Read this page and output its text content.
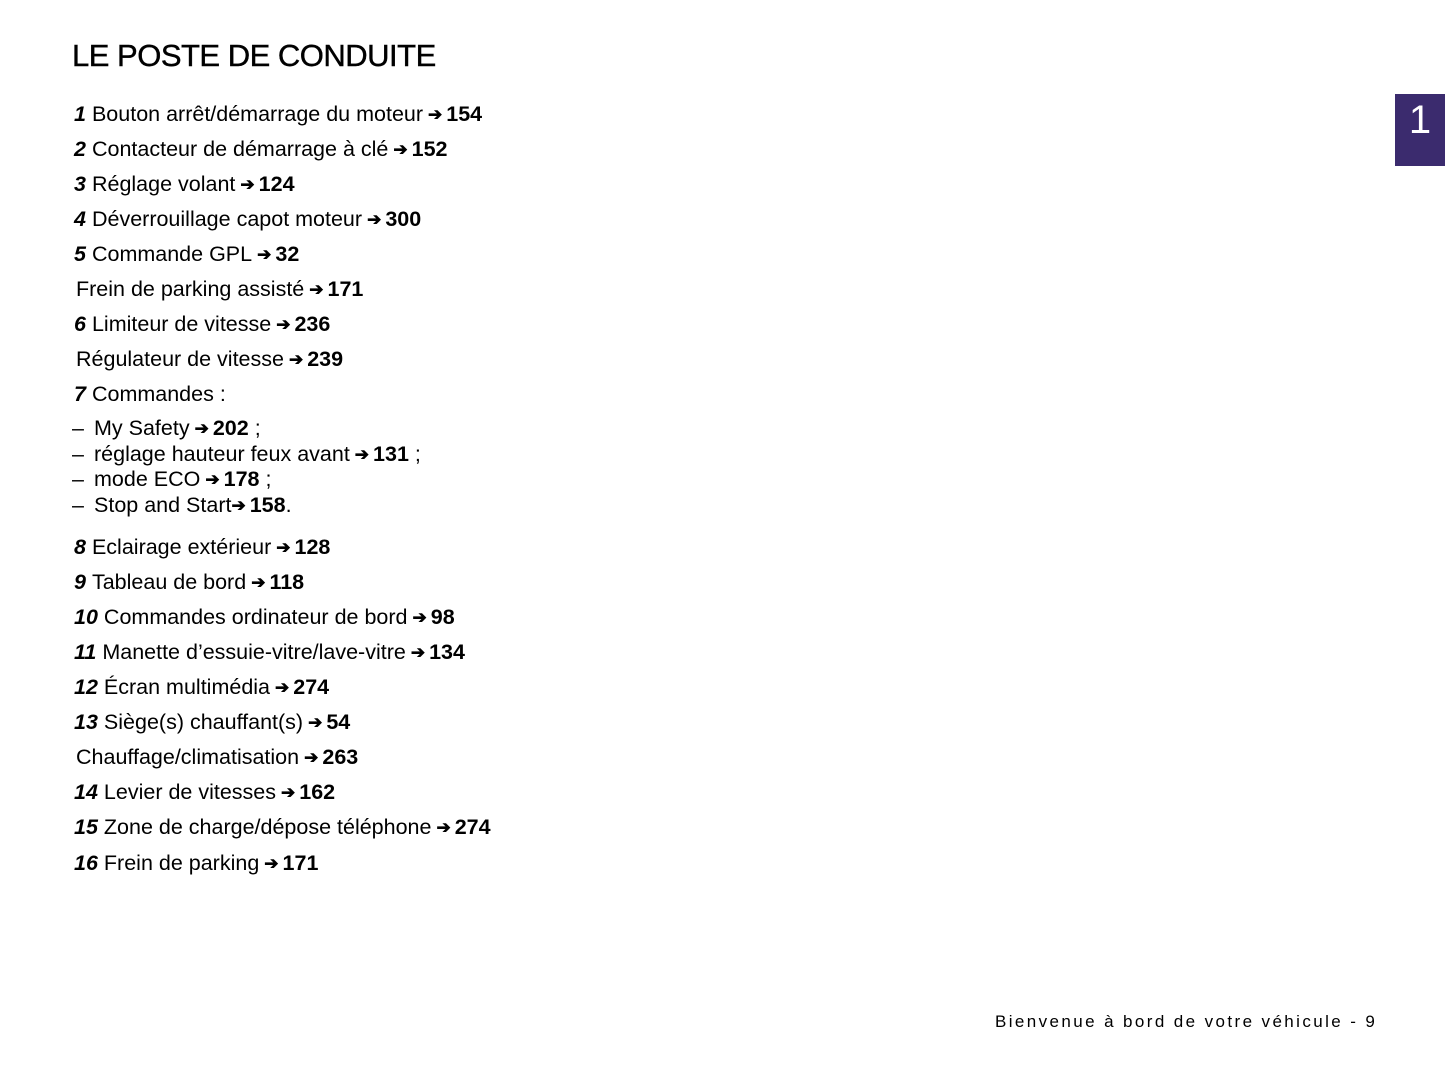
LE POSTE DE CONDUITE
1
1 Bouton arrêt/démarrage du moteur ➔ 154
2 Contacteur de démarrage à clé ➔ 152
3 Réglage volant ➔ 124
4 Déverrouillage capot moteur ➔ 300
5 Commande GPL ➔ 32
Frein de parking assisté ➔ 171
6 Limiteur de vitesse ➔ 236
Régulateur de vitesse ➔ 239
7 Commandes :
– My Safety ➔ 202 ;
– réglage hauteur feux avant ➔ 131 ;
– mode ECO ➔ 178 ;
– Stop and Start➔ 158.
8 Eclairage extérieur ➔ 128
9 Tableau de bord ➔ 118
10 Commandes ordinateur de bord ➔ 98
11 Manette d’essuie-vitre/lave-vitre ➔ 134
12 Écran multimédia ➔ 274
13 Siège(s) chauffant(s) ➔ 54
Chauffage/climatisation ➔ 263
14 Levier de vitesses ➔ 162
15 Zone de charge/dépose téléphone ➔ 274
16 Frein de parking ➔ 171
Bienvenue à bord de votre véhicule - 9
